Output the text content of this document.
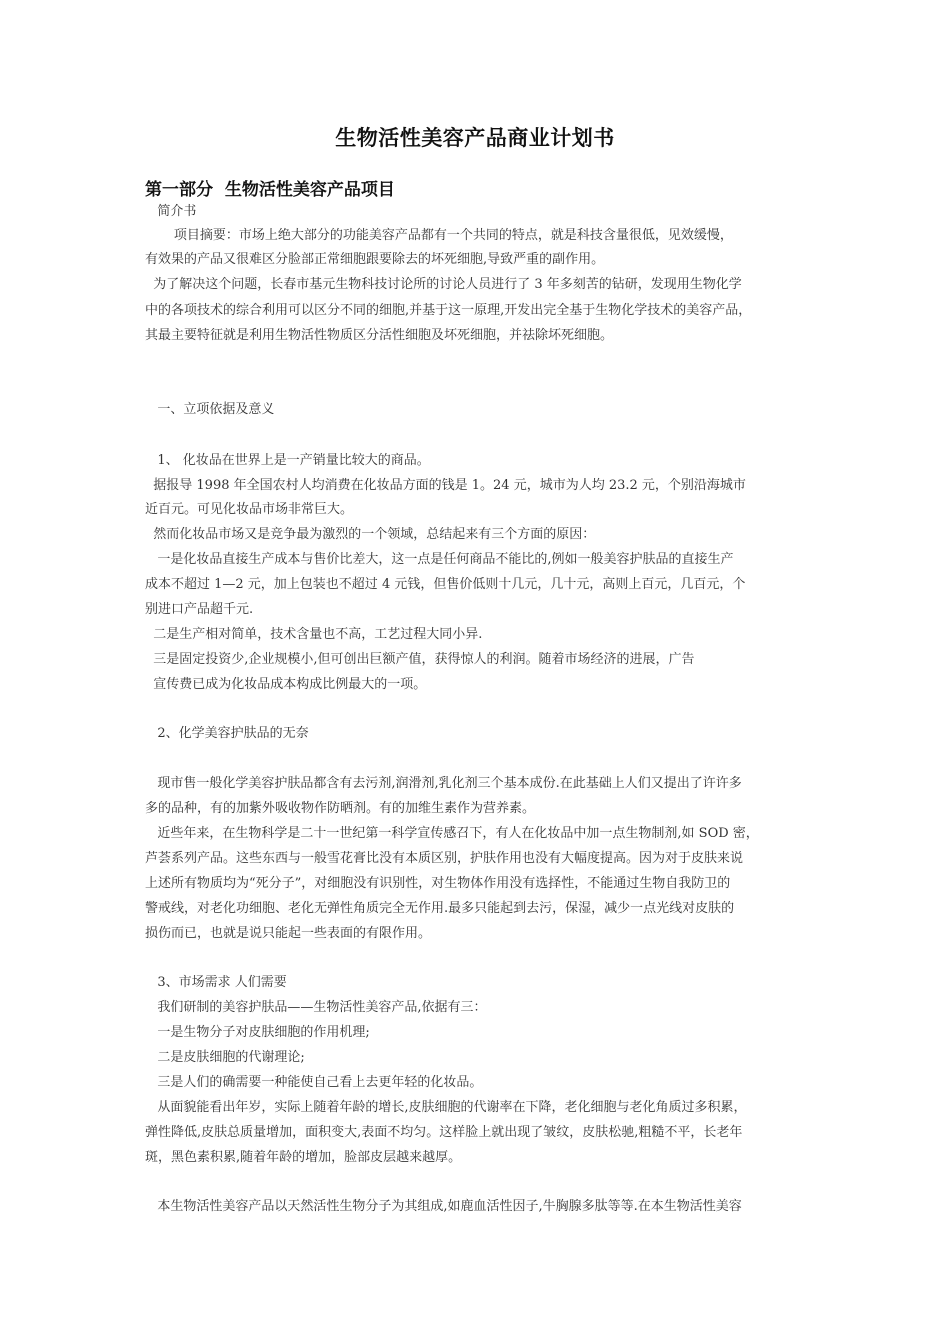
生物活性美容产品商业计划书
第一部分  生物活性美容产品项目
简介书
项目摘要：市场上绝大部分的功能美容产品都有一个共同的特点，就是科技含量很低，见效缓慢，
有效果的产品又很难区分脸部正常细胞跟要除去的坏死细胞,导致严重的副作用。
为了解决这个问题，长春市基元生物科技讨论所的讨论人员进行了 3 年多刻苦的钻研，发现用生物化学
中的各项技术的综合利用可以区分不同的细胞,并基于这一原理,开发出完全基于生物化学技术的美容产品，
其最主要特征就是利用生物活性物质区分活性细胞及坏死细胞，并祛除坏死细胞。
一、立项依据及意义
1、 化妆品在世界上是一产销量比较大的商品。
据报导 1998 年全国农村人均消费在化妆品方面的钱是 1。24 元，城市为人均 23.2 元，个别沿海城市
近百元。可见化妆品市场非常巨大。
然而化妆品市场又是竞争最为激烈的一个领域，总结起来有三个方面的原因：
一是化妆品直接生产成本与售价比差大，这一点是任何商品不能比的,例如一般美容护肤品的直接生产
成本不超过 1—2 元，加上包装也不超过 4 元钱，但售价低则十几元，几十元，高则上百元，几百元，个
别进口产品超千元.
二是生产相对简单，技术含量也不高，工艺过程大同小异.
三是固定投资少,企业规模小,但可创出巨额产值，获得惊人的利润。随着市场经济的进展，广告
宣传费已成为化妆品成本构成比例最大的一项。
2、化学美容护肤品的无奈
现市售一般化学美容护肤品都含有去污剂,润滑剂,乳化剂三个基本成份.在此基础上人们又提出了许许多
多的品种，有的加紫外吸收物作防晒剂。有的加维生素作为营养素。
近些年来，在生物科学是二十一世纪第一科学宣传感召下，有人在化妆品中加一点生物制剂,如 SOD 密，
芦荟系列产品。这些东西与一般雪花膏比没有本质区别，护肤作用也没有大幅度提高。因为对于皮肤来说
上述所有物质均为“死分子”，对细胞没有识别性，对生物体作用没有选择性，不能通过生物自我防卫的
警戒线，对老化功细胞、老化无弹性角质完全无作用.最多只能起到去污，保湿，减少一点光线对皮肤的
损伤而已，也就是说只能起一些表面的有限作用。
3、市场需求 人们需要
我们研制的美容护肤品——生物活性美容产品,依据有三：
一是生物分子对皮肤细胞的作用机理;
二是皮肤细胞的代谢理论;
三是人们的确需要一种能使自己看上去更年轻的化妆品。
从面貌能看出年岁，实际上随着年龄的增长,皮肤细胞的代谢率在下降，老化细胞与老化角质过多积累，
弹性降低,皮肤总质量增加，面积变大,表面不均匀。这样脸上就出现了皱纹，皮肤松驰,粗糙不平，长老年
斑，黑色素积累,随着年龄的增加，脸部皮层越来越厚。
本生物活性美容产品以天然活性生物分子为其组成,如鹿血活性因子,牛胸腺多肽等等.在本生物活性美容
